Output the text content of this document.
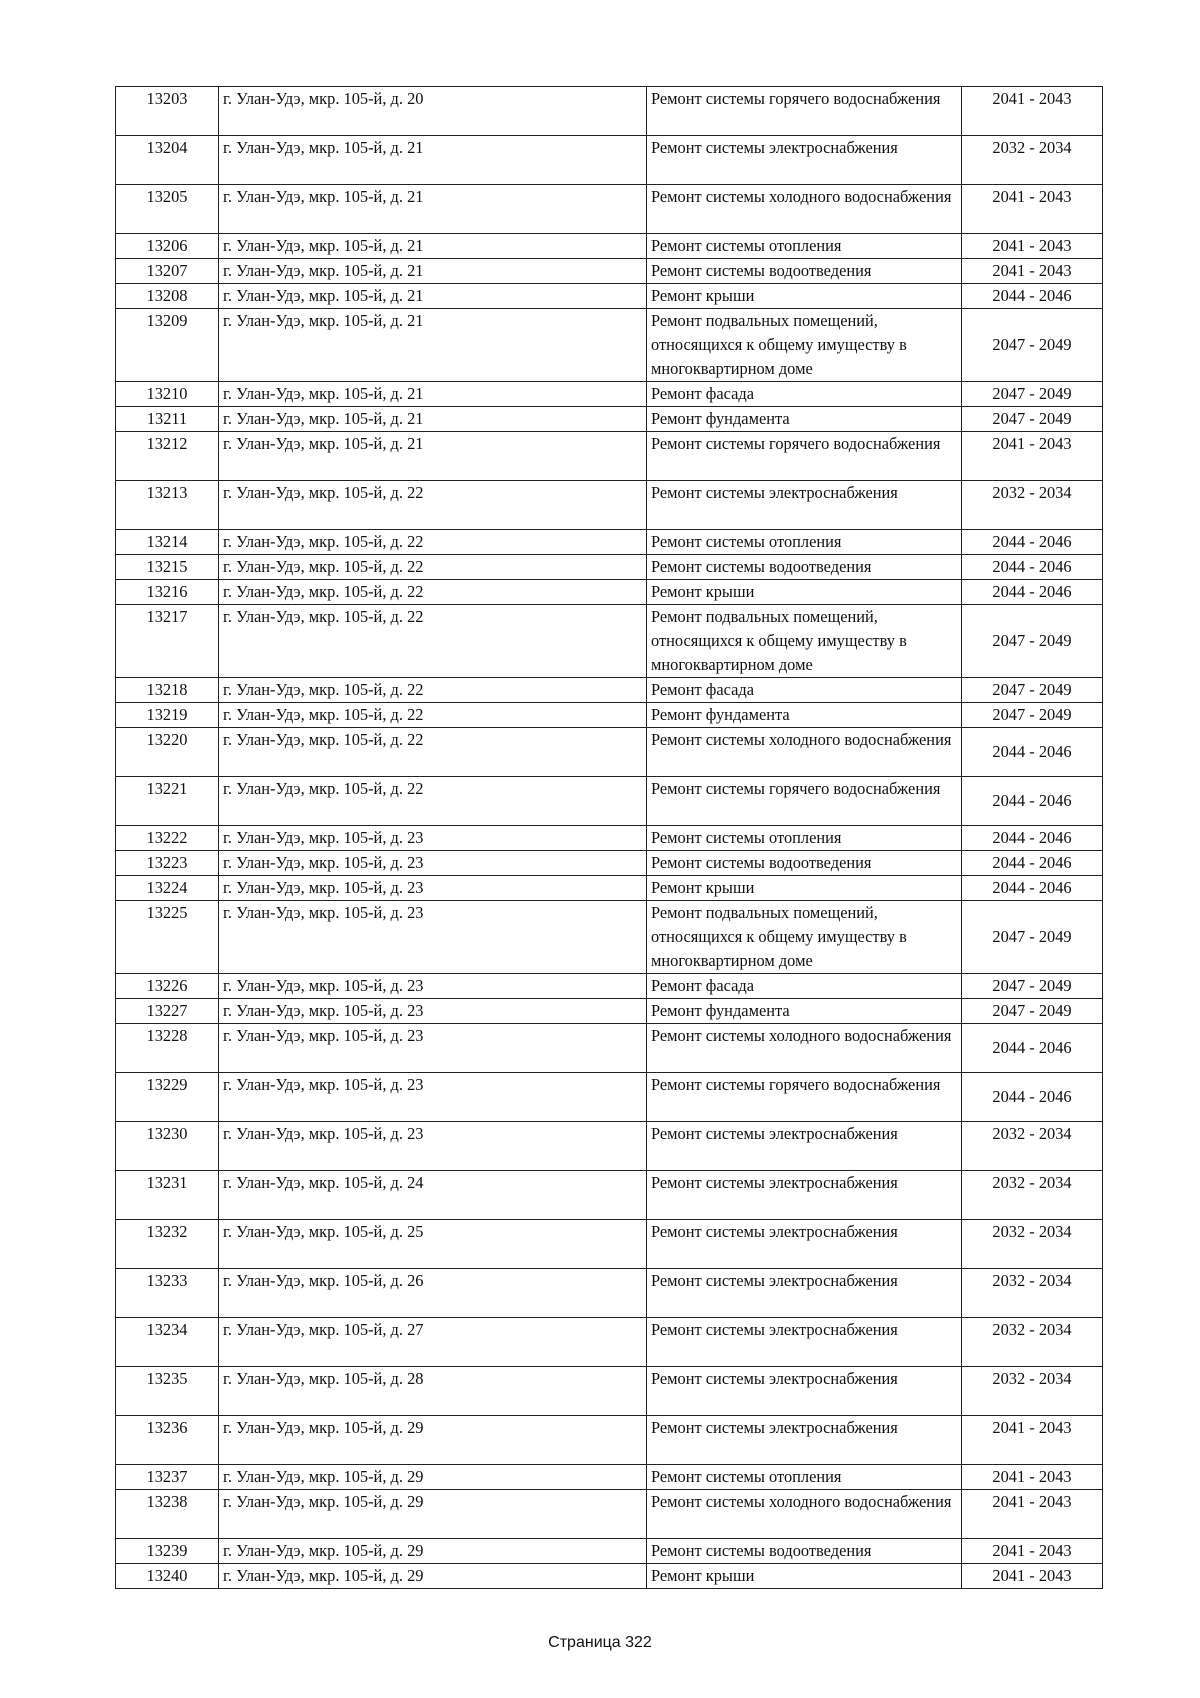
13203	г. Улан-Удэ, мкр. 105-й, д. 20	Ремонт системы горячего водоснабжения	2041 - 2043
13204	г. Улан-Удэ, мкр. 105-й, д. 21	Ремонт системы электроснабжения	2032 - 2034
13205	г. Улан-Удэ, мкр. 105-й, д. 21	Ремонт системы холодного водоснабжения	2041 - 2043
13206	г. Улан-Удэ, мкр. 105-й, д. 21	Ремонт системы отопления	2041 - 2043
13207	г. Улан-Удэ, мкр. 105-й, д. 21	Ремонт системы водоотведения	2041 - 2043
13208	г. Улан-Удэ, мкр. 105-й, д. 21	Ремонт крыши	2044 - 2046
13209	г. Улан-Удэ, мкр. 105-й, д. 21	Ремонт подвальных помещений, относящихся к общему имуществу в многоквартирном доме	2047 - 2049
13210	г. Улан-Удэ, мкр. 105-й, д. 21	Ремонт фасада	2047 - 2049
13211	г. Улан-Удэ, мкр. 105-й, д. 21	Ремонт фундамента	2047 - 2049
13212	г. Улан-Удэ, мкр. 105-й, д. 21	Ремонт системы горячего водоснабжения	2041 - 2043
13213	г. Улан-Удэ, мкр. 105-й, д. 22	Ремонт системы электроснабжения	2032 - 2034
13214	г. Улан-Удэ, мкр. 105-й, д. 22	Ремонт системы отопления	2044 - 2046
13215	г. Улан-Удэ, мкр. 105-й, д. 22	Ремонт системы водоотведения	2044 - 2046
13216	г. Улан-Удэ, мкр. 105-й, д. 22	Ремонт крыши	2044 - 2046
13217	г. Улан-Удэ, мкр. 105-й, д. 22	Ремонт подвальных помещений, относящихся к общему имуществу в многоквартирном доме	2047 - 2049
13218	г. Улан-Удэ, мкр. 105-й, д. 22	Ремонт фасада	2047 - 2049
13219	г. Улан-Удэ, мкр. 105-й, д. 22	Ремонт фундамента	2047 - 2049
13220	г. Улан-Удэ, мкр. 105-й, д. 22	Ремонт системы холодного водоснабжения	2044 - 2046
13221	г. Улан-Удэ, мкр. 105-й, д. 22	Ремонт системы горячего водоснабжения	2044 - 2046
13222	г. Улан-Удэ, мкр. 105-й, д. 23	Ремонт системы отопления	2044 - 2046
13223	г. Улан-Удэ, мкр. 105-й, д. 23	Ремонт системы водоотведения	2044 - 2046
13224	г. Улан-Удэ, мкр. 105-й, д. 23	Ремонт крыши	2044 - 2046
13225	г. Улан-Удэ, мкр. 105-й, д. 23	Ремонт подвальных помещений, относящихся к общему имуществу в многоквартирном доме	2047 - 2049
13226	г. Улан-Удэ, мкр. 105-й, д. 23	Ремонт фасада	2047 - 2049
13227	г. Улан-Удэ, мкр. 105-й, д. 23	Ремонт фундамента	2047 - 2049
13228	г. Улан-Удэ, мкр. 105-й, д. 23	Ремонт системы холодного водоснабжения	2044 - 2046
13229	г. Улан-Удэ, мкр. 105-й, д. 23	Ремонт системы горячего водоснабжения	2044 - 2046
13230	г. Улан-Удэ, мкр. 105-й, д. 23	Ремонт системы электроснабжения	2032 - 2034
13231	г. Улан-Удэ, мкр. 105-й, д. 24	Ремонт системы электроснабжения	2032 - 2034
13232	г. Улан-Удэ, мкр. 105-й, д. 25	Ремонт системы электроснабжения	2032 - 2034
13233	г. Улан-Удэ, мкр. 105-й, д. 26	Ремонт системы электроснабжения	2032 - 2034
13234	г. Улан-Удэ, мкр. 105-й, д. 27	Ремонт системы электроснабжения	2032 - 2034
13235	г. Улан-Удэ, мкр. 105-й, д. 28	Ремонт системы электроснабжения	2032 - 2034
13236	г. Улан-Удэ, мкр. 105-й, д. 29	Ремонт системы электроснабжения	2041 - 2043
13237	г. Улан-Удэ, мкр. 105-й, д. 29	Ремонт системы отопления	2041 - 2043
13238	г. Улан-Удэ, мкр. 105-й, д. 29	Ремонт системы холодного водоснабжения	2041 - 2043
13239	г. Улан-Удэ, мкр. 105-й, д. 29	Ремонт системы водоотведения	2041 - 2043
13240	г. Улан-Удэ, мкр. 105-й, д. 29	Ремонт крыши	2041 - 2043
Страница 322
